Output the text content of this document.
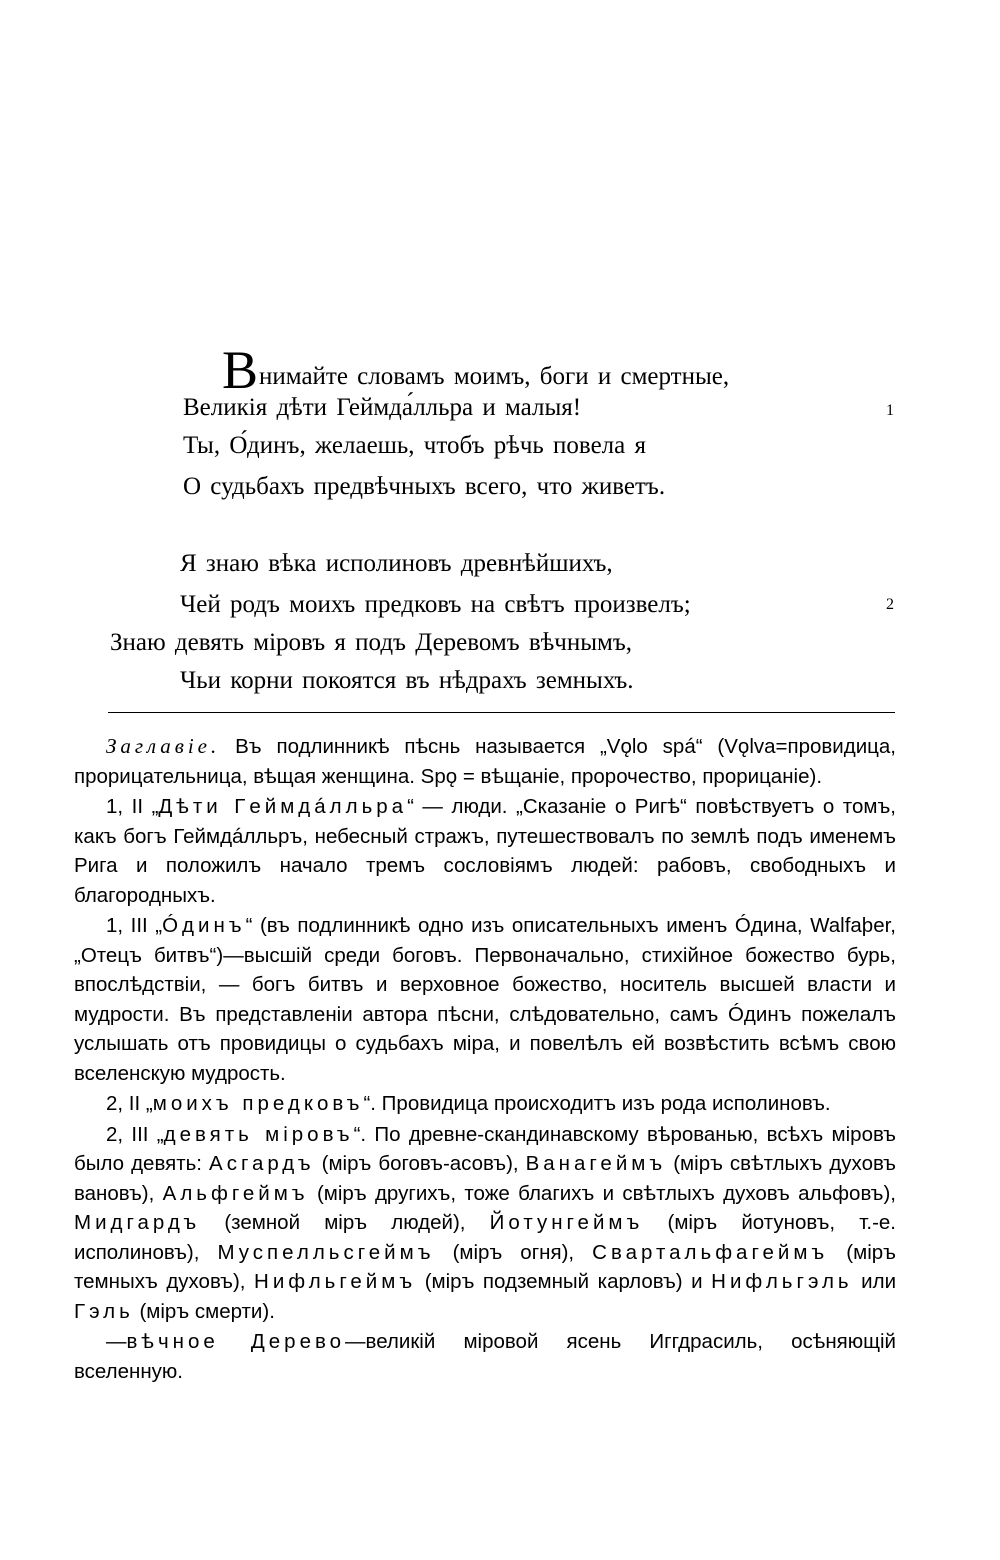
Внимайте словамъ моимъ, боги и смертные,
Великія дѣти Геймда́лльра и малыя!
Ты, О́динъ, желаешь, чтобъ рѣчь повела я
О судьбахъ предвѣчныхъ всего, что живетъ.
1
Я знаю вѣка исполиновъ древнѣйшихъ,
Чей родъ моихъ предковъ на свѣтъ произвелъ;
Знаю девять міровъ я подъ Деревомъ вѣчнымъ,
Чьи корни покоятся въ нѣдрахъ земныхъ.
2

Заглавіе. Въ подлинникѣ пѣснь называется „Vǫlo spá“ (Vǫlva=провидица, прорицательница, вѣщая женщина. Spǫ = вѣщаніе, пророчество, прорицаніе).

1, II „Дѣти Гeймдáлльра“ — люди. „Сказаніе о Ригѣ“ повѣствуетъ о томъ, какъ богъ Геймдáлльръ, небесный стражъ, путешествовалъ по землѣ подъ именемъ Рига и положилъ начало тремъ сословіямъ людей: рабовъ, свободныхъ и благородныхъ.

1, III „Óдинъ“ (въ подлинникѣ одно изъ описательныхъ именъ Óдина, Walfaþer, „Отецъ битвъ“)—высшій среди боговъ. Первоначально, стихійное божество бурь, впослѣдствіи, — богъ битвъ и верховное божество, носитель высшей власти и мудрости. Въ представленіи автора пѣсни, слѣдовательно, самъ Óдинъ пожелалъ услышать отъ провидицы о судьбахъ міра, и повелѣлъ ей возвѣстить всѣмъ свою вселенскую мудрость.

2, II „моихъ предковъ“. Провидица происходитъ изъ рода исполиновъ.

2, III „девять міровъ“. По древне-скандинавскому вѣрованью, всѣхъ міровъ было девять: Асгардъ (міръ боговъ-асовъ), Ванагеймъ (міръ свѣтлыхъ духовъ вановъ), Альфгеймъ (міръ другихъ, тоже благихъ и свѣтлыхъ духовъ альфовъ), Мидгардъ (земной міръ людей), Йотунгеймъ (міръ йотуновъ, т.-е. исполиновъ), Муспелльсгеймъ (міръ огня), Свартальфагеймъ (міръ темныхъ духовъ), Нифльгеймъ (міръ подземный карловъ) и Нифльгэль или Гэль (міръ смерти).

—вѣчное Дерево—великій міровой ясень Иггдрасиль, осѣняющій вселенную.
